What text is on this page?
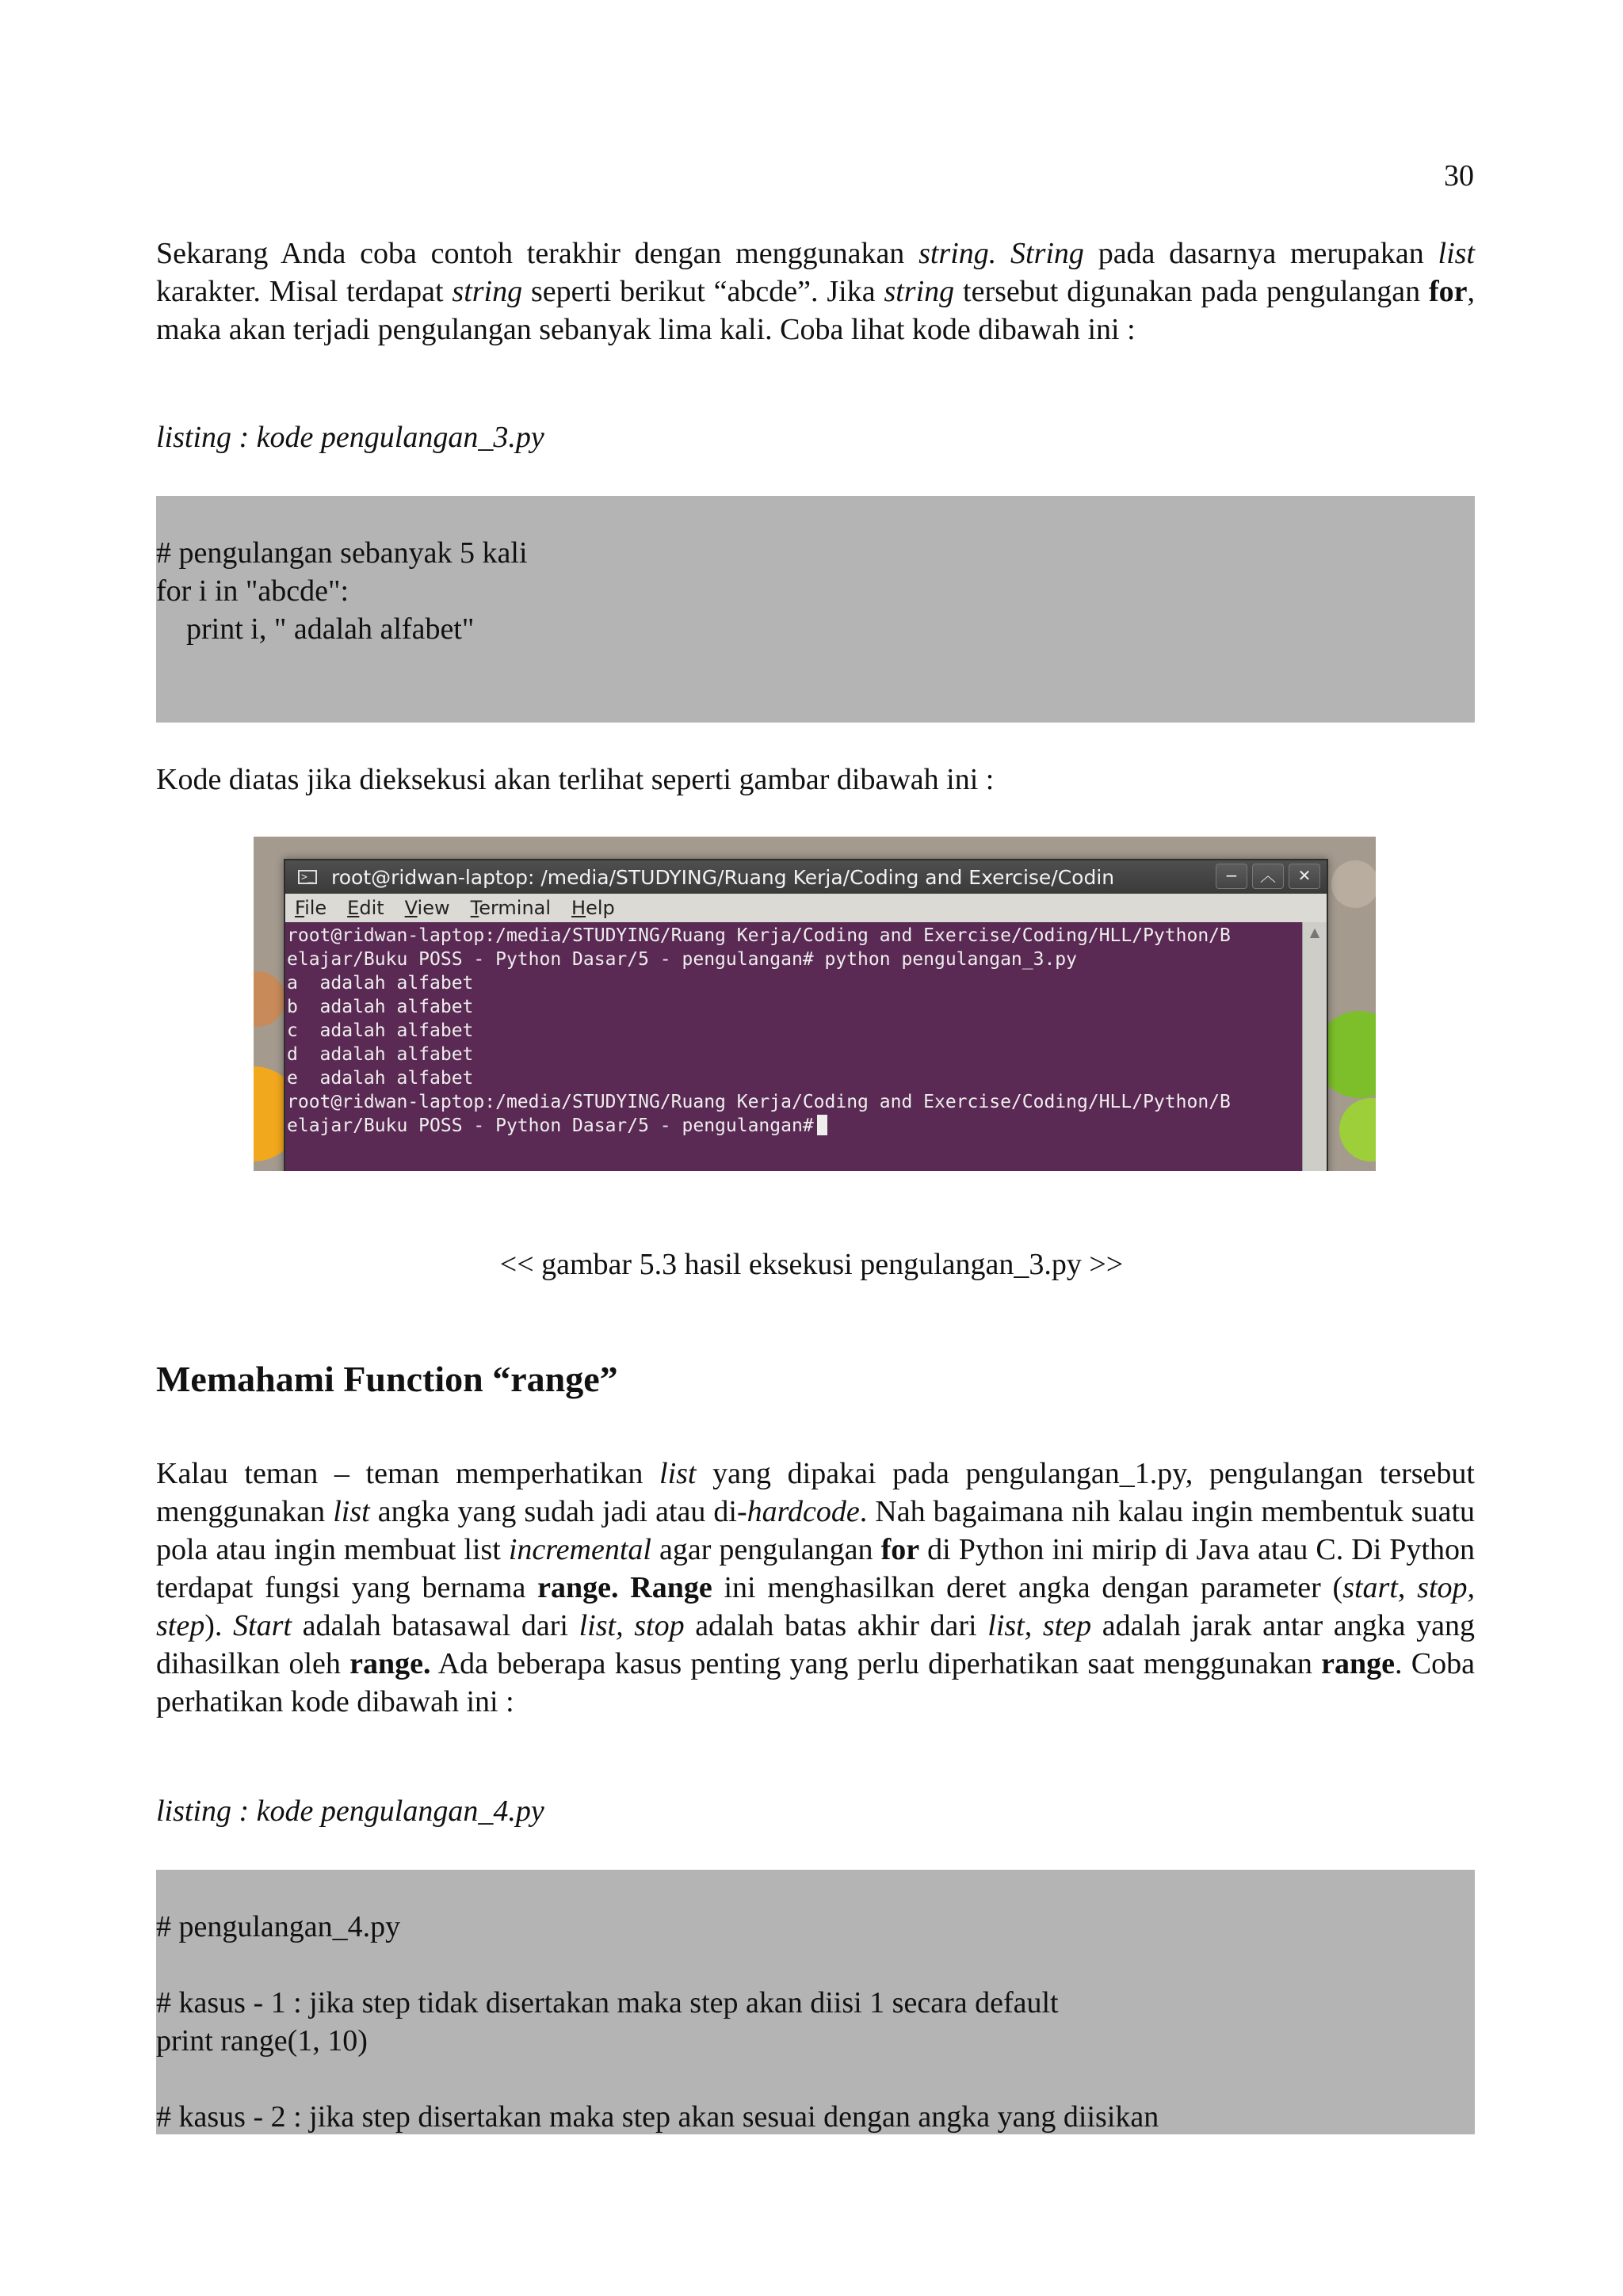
30
Sekarang Anda coba contoh terakhir dengan menggunakan string. String pada dasarnya merupakan list karakter. Misal terdapat string seperti berikut “abcde”. Jika string tersebut digunakan pada pengulangan for, maka akan terjadi pengulangan sebanyak lima kali. Coba lihat kode dibawah ini :
listing : kode pengulangan_3.py
# pengulangan sebanyak 5 kali
for i in "abcde":
print i, " adalah alfabet"
Kode diatas jika dieksekusi akan terlihat seperti gambar dibawah ini :
>_ root@ridwan-laptop: /media/STUDYING/Ruang Kerja/Coding and Exercise/Codin	−	︿	✕
File Edit View Terminal Help
root@ridwan-laptop:/media/STUDYING/Ruang Kerja/Coding and Exercise/Coding/HLL/Python/B
elajar/Buku POSS - Python Dasar/5 - pengulangan# python pengulangan_3.py
a  adalah alfabet
b  adalah alfabet
c  adalah alfabet
d  adalah alfabet
e  adalah alfabet
root@ridwan-laptop:/media/STUDYING/Ruang Kerja/Coding and Exercise/Coding/HLL/Python/B
elajar/Buku POSS - Python Dasar/5 - pengulangan#
▲
<< gambar 5.3 hasil eksekusi pengulangan_3.py >>
Memahami Function “range”
Kalau teman – teman memperhatikan list yang dipakai pada pengulangan_1.py, pengulangan tersebut menggunakan list angka yang sudah jadi atau di-hardcode. Nah bagaimana nih kalau ingin membentuk suatu pola atau ingin membuat list incremental agar pengulangan for di Python ini mirip di Java atau C. Di Python terdapat fungsi yang bernama range. Range ini menghasilkan deret angka dengan parameter (start, stop, step). Start adalah batasawal dari list, stop adalah batas akhir dari list, step adalah jarak antar angka yang dihasilkan oleh range. Ada beberapa kasus penting yang perlu diperhatikan saat menggunakan range. Coba perhatikan kode dibawah ini :
listing : kode pengulangan_4.py
# pengulangan_4.py
# kasus - 1 : jika step tidak disertakan maka step akan diisi 1 secara default
print range(1, 10)
# kasus - 2 : jika step disertakan maka step akan sesuai dengan angka yang diisikan
